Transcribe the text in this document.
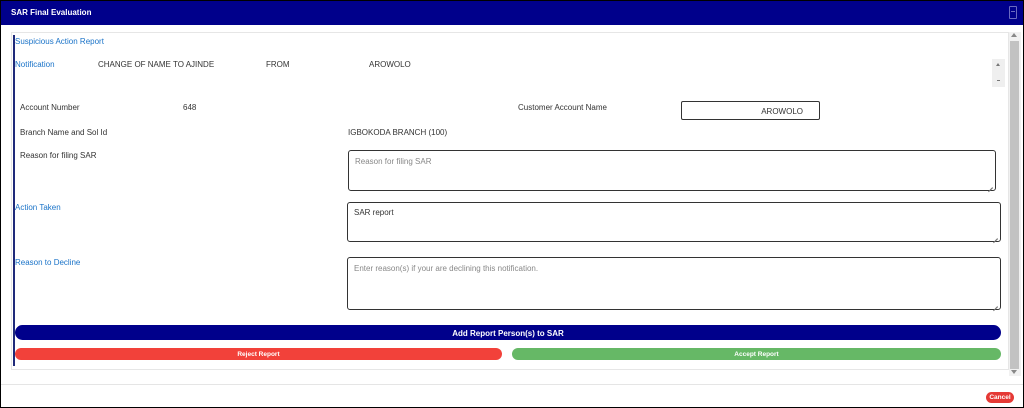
SAR Final Evaluation
Suspicious Action Report
Notification	CHANGE OF NAME TO AJINDE	FROM	AROWOLO
Account Number	648	Customer Account Name	AROWOLO
Branch Name and Sol Id	IGBOKODA BRANCH (100)
Reason for filing SAR
Reason for filing SAR
Action Taken
SAR report
Reason to Decline
Enter reason(s) if your are declining this notification.
Add Report Person(s) to SAR
Reject Report	Accept Report
Cancel
